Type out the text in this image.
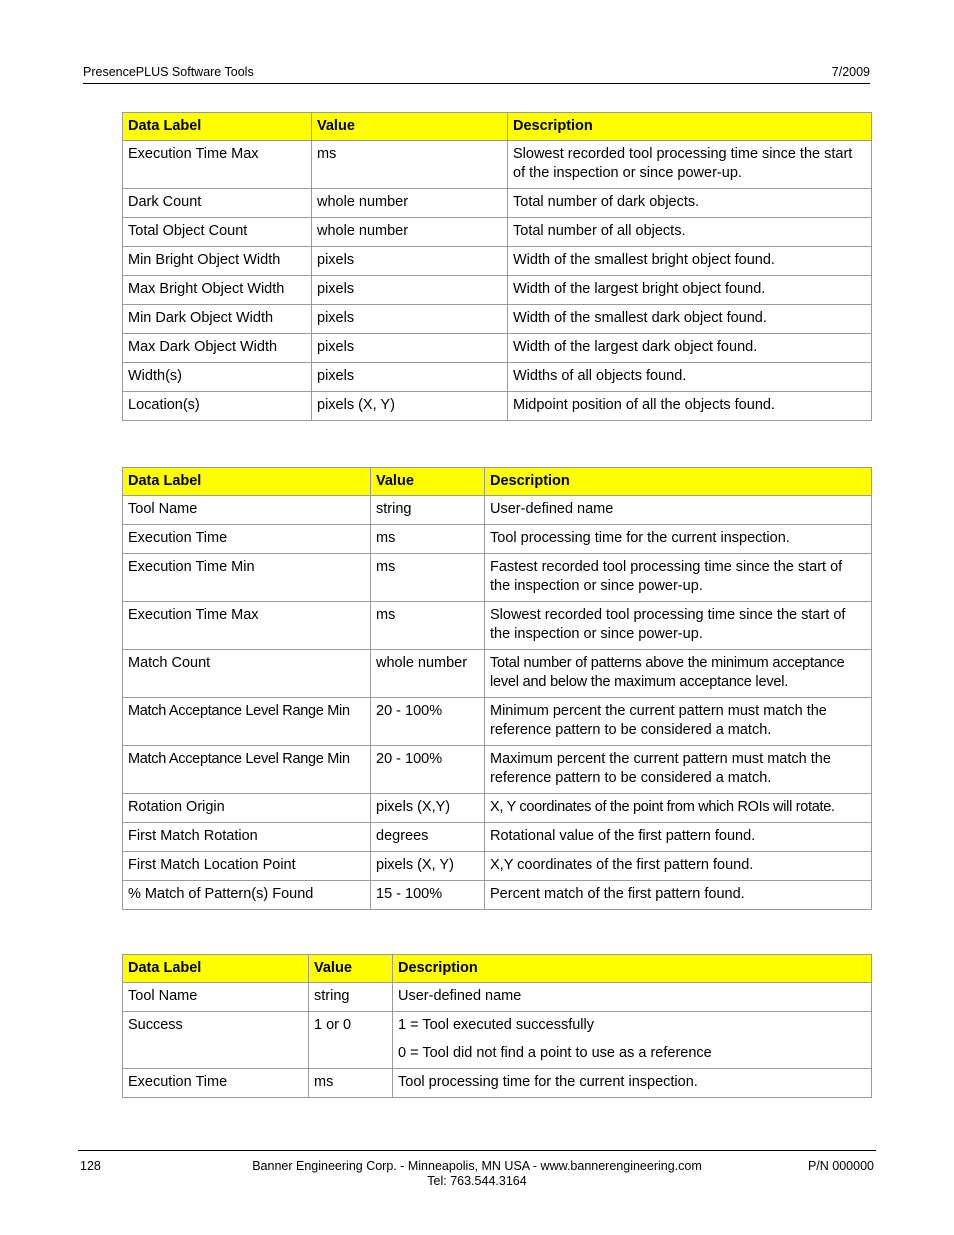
PresencePLUS Software Tools	7/2009
Data Label	Value	Description
Execution Time Max	ms	Slowest recorded tool processing time since the start of the inspection or since power-up.
Dark Count	whole number	Total number of dark objects.
Total Object Count	whole number	Total number of all objects.
Min Bright Object Width	pixels	Width of the smallest bright object found.
Max Bright Object Width	pixels	Width of the largest bright object found.
Min Dark Object Width	pixels	Width of the smallest dark object found.
Max Dark Object Width	pixels	Width of the largest dark object found.
Width(s)	pixels	Widths of all objects found.
Location(s)	pixels (X, Y)	Midpoint position of all the objects found.
Data Label	Value	Description
Tool Name	string	User-defined name
Execution Time	ms	Tool processing time for the current inspection.
Execution Time Min	ms	Fastest recorded tool processing time since the start of the inspection or since power-up.
Execution Time Max	ms	Slowest recorded tool processing time since the start of the inspection or since power-up.
Match Count	whole number	Total number of patterns above the minimum acceptance level and below the maximum acceptance level.
Match Acceptance Level Range Min	20 - 100%	Minimum percent the current pattern must match the reference pattern to be considered a match.
Match Acceptance Level Range Min	20 - 100%	Maximum percent the current pattern must match the reference pattern to be considered a match.
Rotation Origin	pixels (X,Y)	X, Y coordinates of the point from which ROIs will rotate.
First Match Rotation	degrees	Rotational value of the first pattern found.
First Match Location Point	pixels (X, Y)	X,Y coordinates of the first pattern found.
% Match of Pattern(s) Found	15 - 100%	Percent match of the first pattern found.
Data Label	Value	Description
Tool Name	string	User-defined name
Success	1 or 0	1 = Tool executed successfully
0 = Tool did not find a point to use as a reference

Execution Time	ms	Tool processing time for the current inspection.
128	Banner Engineering Corp. - Minneapolis, MN USA - www.bannerengineering.com
Tel: 763.544.3164
P/N 000000
